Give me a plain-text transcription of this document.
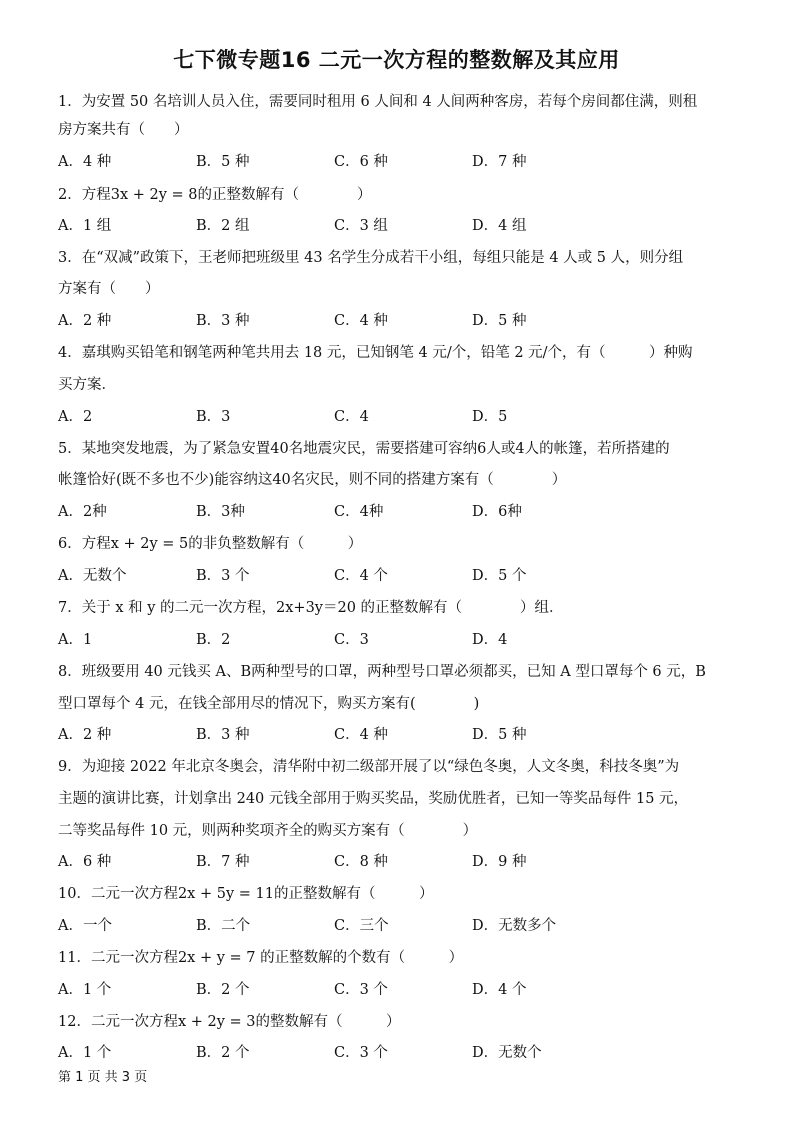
七下微专题16 二元一次方程的整数解及其应用
1．为安置 50 名培训人员入住，需要同时租用 6 人间和 4 人间两种客房，若每个房间都住满，则租
房方案共有（　　）
A．4 种	B．5 种	C．6 种	D．7 种
2．方程3x + 2y = 8的正整数解有（　　　　）
A．1 组	B．2 组	C．3 组	D．4 组
3．在“双减”政策下，王老师把班级里 43 名学生分成若干小组，每组只能是 4 人或 5 人，则分组
方案有（　　）
A．2 种	B．3 种	C．4 种	D．5 种
4．嘉琪购买铅笔和钢笔两种笔共用去 18 元，已知钢笔 4 元/个，铅笔 2 元/个，有（　　　）种购
买方案．
A．2	B．3	C．4	D．5
5．某地突发地震，为了紧急安置40名地震灾民，需要搭建可容纳6人或4人的帐篷，若所搭建的
帐篷恰好(既不多也不少)能容纳这40名灾民，则不同的搭建方案有（　　　　）
A．2种	B．3种	C．4种	D．6种
6．方程x + 2y = 5的非负整数解有（　　　）
A．无数个	B．3 个	C．4 个	D．5 个
7．关于 x 和 y 的二元一次方程，2x+3y＝20 的正整数解有（　　　　）组．
A．1	B．2	C．3	D．4
8．班级要用 40 元钱买 A、B两种型号的口罩，两种型号口罩必须都买，已知 A 型口罩每个 6 元，B
型口罩每个 4 元，在钱全部用尽的情况下，购买方案有(　　　　)
A．2 种	B．3 种	C．4 种	D．5 种
9．为迎接 2022 年北京冬奥会，清华附中初二级部开展了以“绿色冬奥，人文冬奥，科技冬奥”为
主题的演讲比赛，计划拿出 240 元钱全部用于购买奖品，奖励优胜者，已知一等奖品每件 15 元，
二等奖品每件 10 元，则两种奖项齐全的购买方案有（　　　　）
A．6 种	B．7 种	C．8 种	D．9 种
10．二元一次方程2x + 5y = 11的正整数解有（　　　）
A．一个	B．二个	C．三个	D．无数多个
11．二元一次方程2x + y = 7 的正整数解的个数有（　　　）
A．1 个	B．2 个	C．3 个	D．4 个
12．二元一次方程x + 2y = 3的整数解有（　　　）
A．1 个	B．2 个	C．3 个	D．无数个
第 1 页 共 3 页
